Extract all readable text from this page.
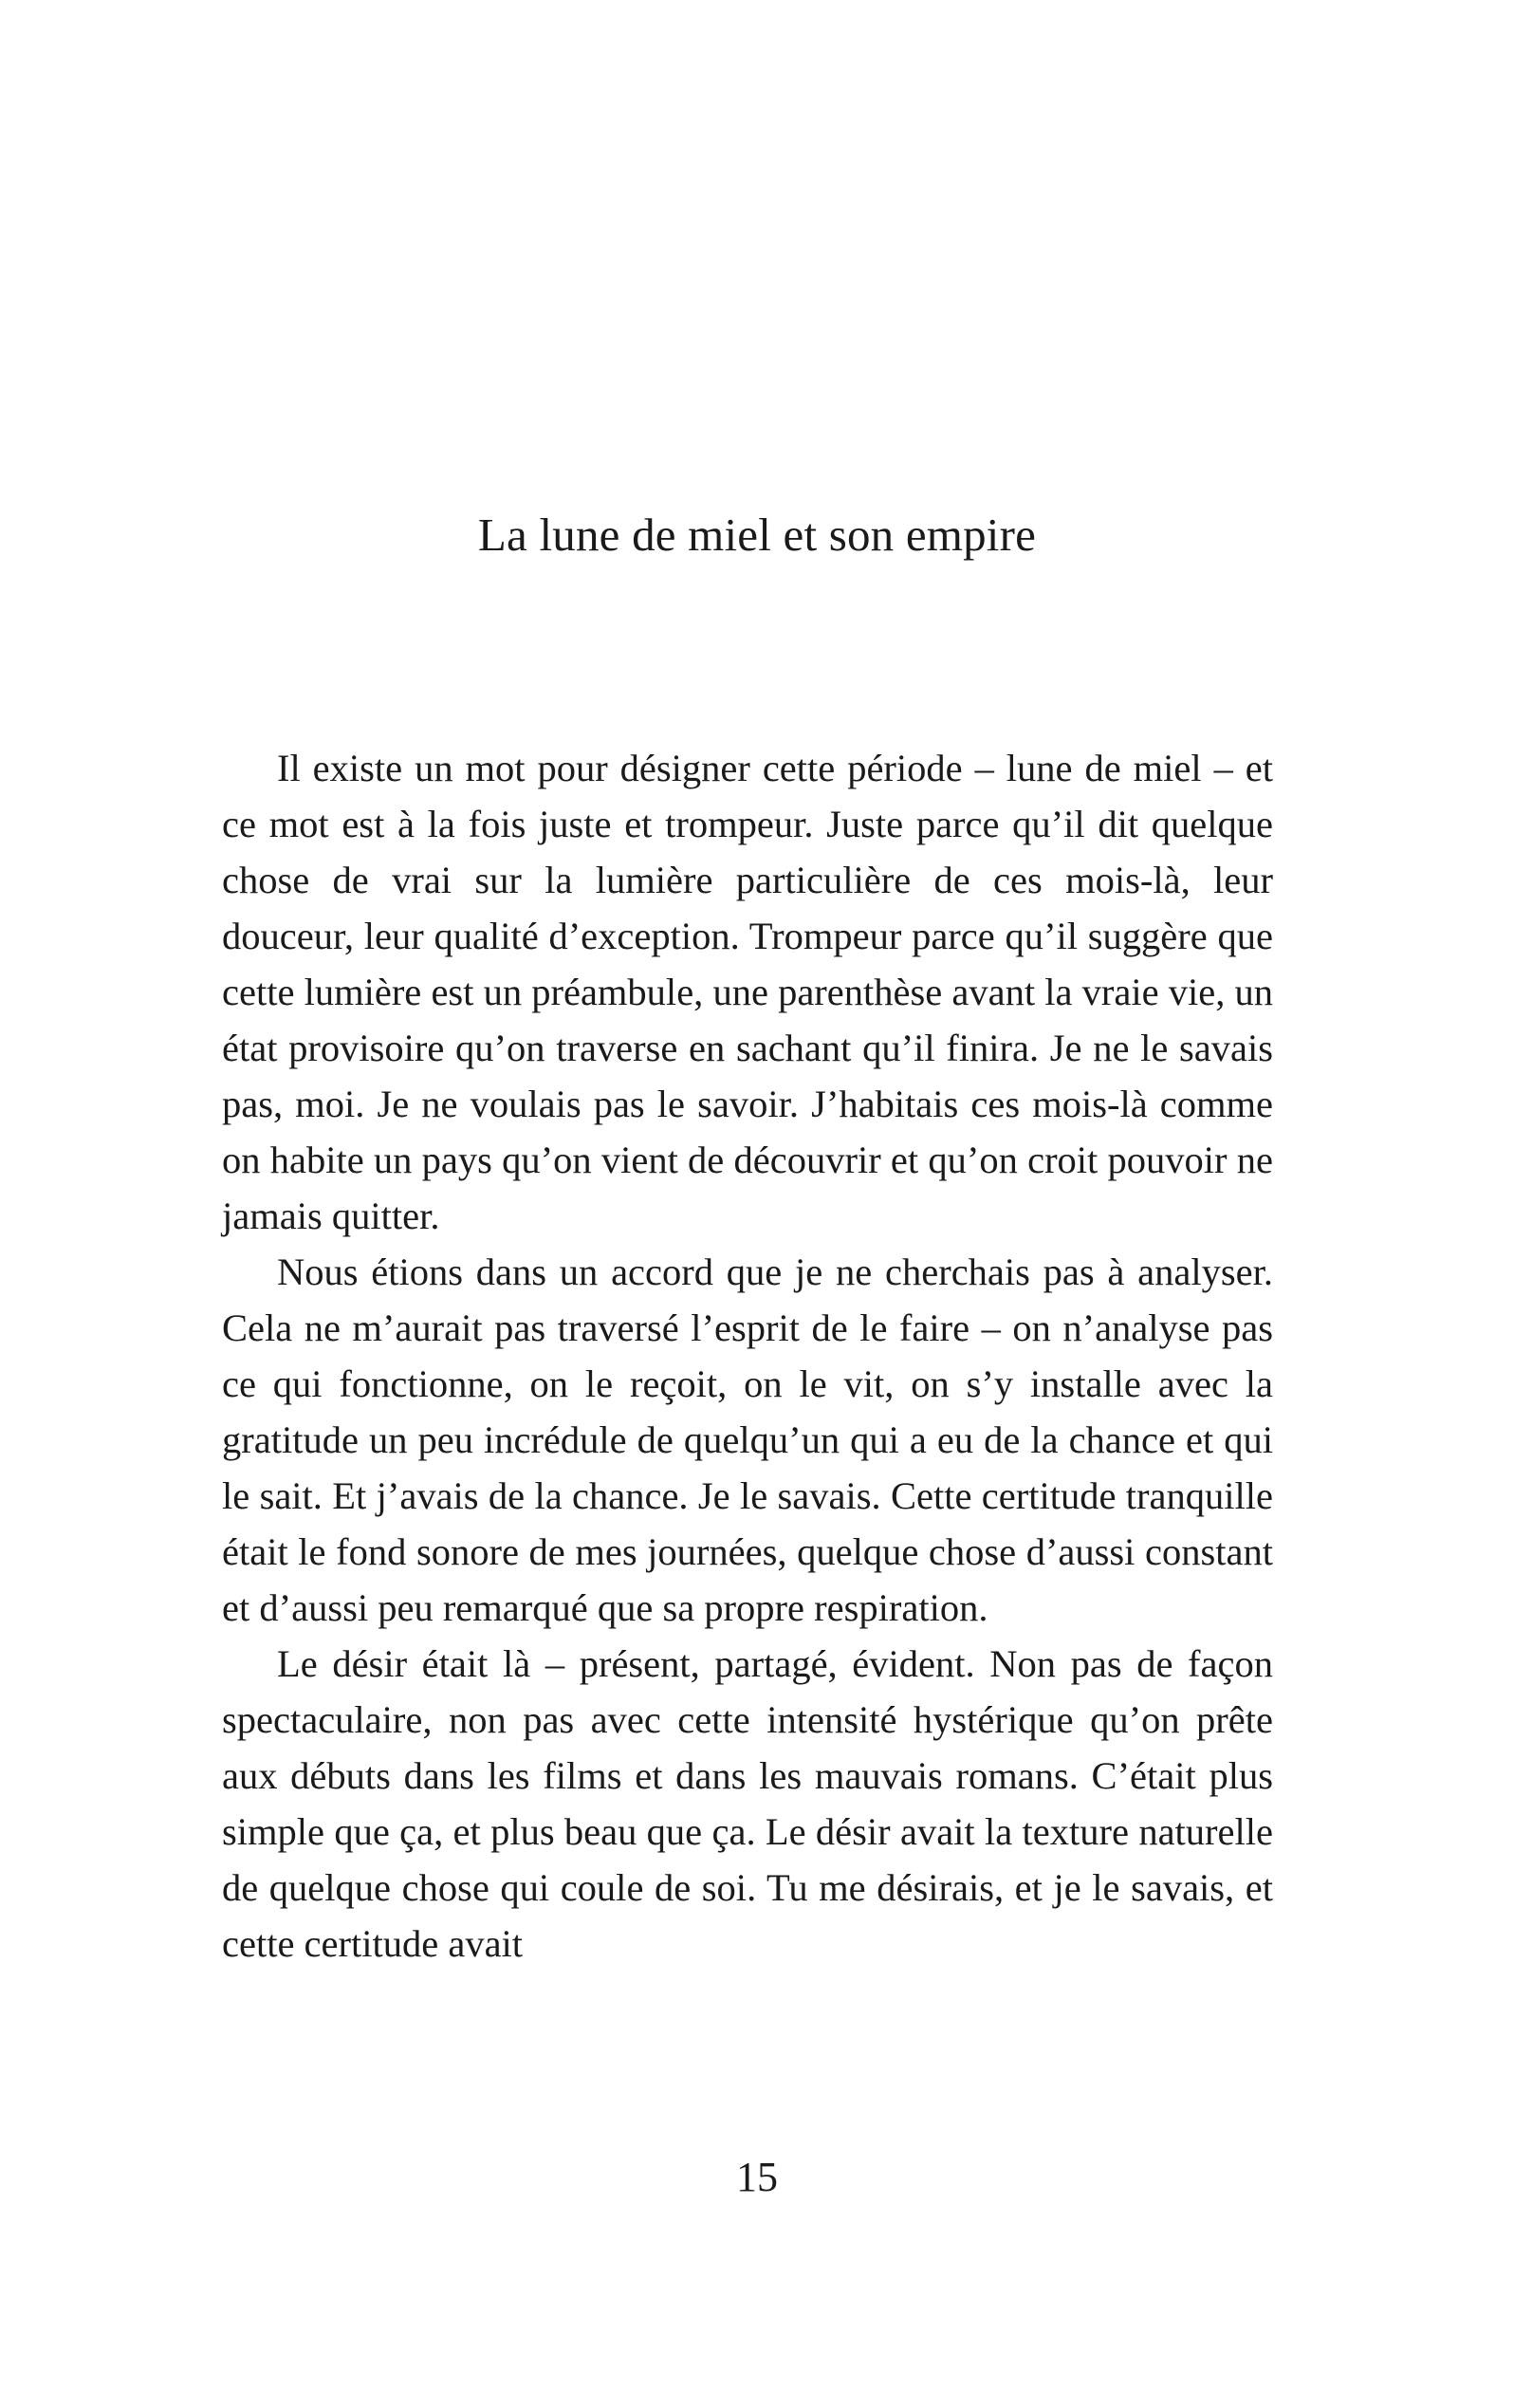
La lune de miel et son empire

Il existe un mot pour désigner cette période – lune de miel – et ce mot est à la fois juste et trompeur. Juste parce qu’il dit quelque chose de vrai sur la lumière particulière de ces mois-là, leur douceur, leur qualité d’exception. Trompeur parce qu’il suggère que cette lumière est un préambule, une parenthèse avant la vraie vie, un état provisoire qu’on traverse en sachant qu’il finira. Je ne le savais pas, moi. Je ne voulais pas le savoir. J’habitais ces mois-là comme on habite un pays qu’on vient de découvrir et qu’on croit pouvoir ne jamais quitter.

Nous étions dans un accord que je ne cherchais pas à analyser. Cela ne m’aurait pas traversé l’esprit de le faire – on n’analyse pas ce qui fonctionne, on le reçoit, on le vit, on s’y installe avec la gratitude un peu incrédule de quelqu’un qui a eu de la chance et qui le sait. Et j’avais de la chance. Je le savais. Cette certitude tranquille était le fond sonore de mes journées, quelque chose d’aussi constant et d’aussi peu remarqué que sa propre respiration.

Le désir était là – présent, partagé, évident. Non pas de façon spectaculaire, non pas avec cette intensité hystérique qu’on prête aux débuts dans les films et dans les mauvais romans. C’était plus simple que ça, et plus beau que ça. Le désir avait la texture naturelle de quelque chose qui coule de soi. Tu me désirais, et je le savais, et cette certitude avait

15
